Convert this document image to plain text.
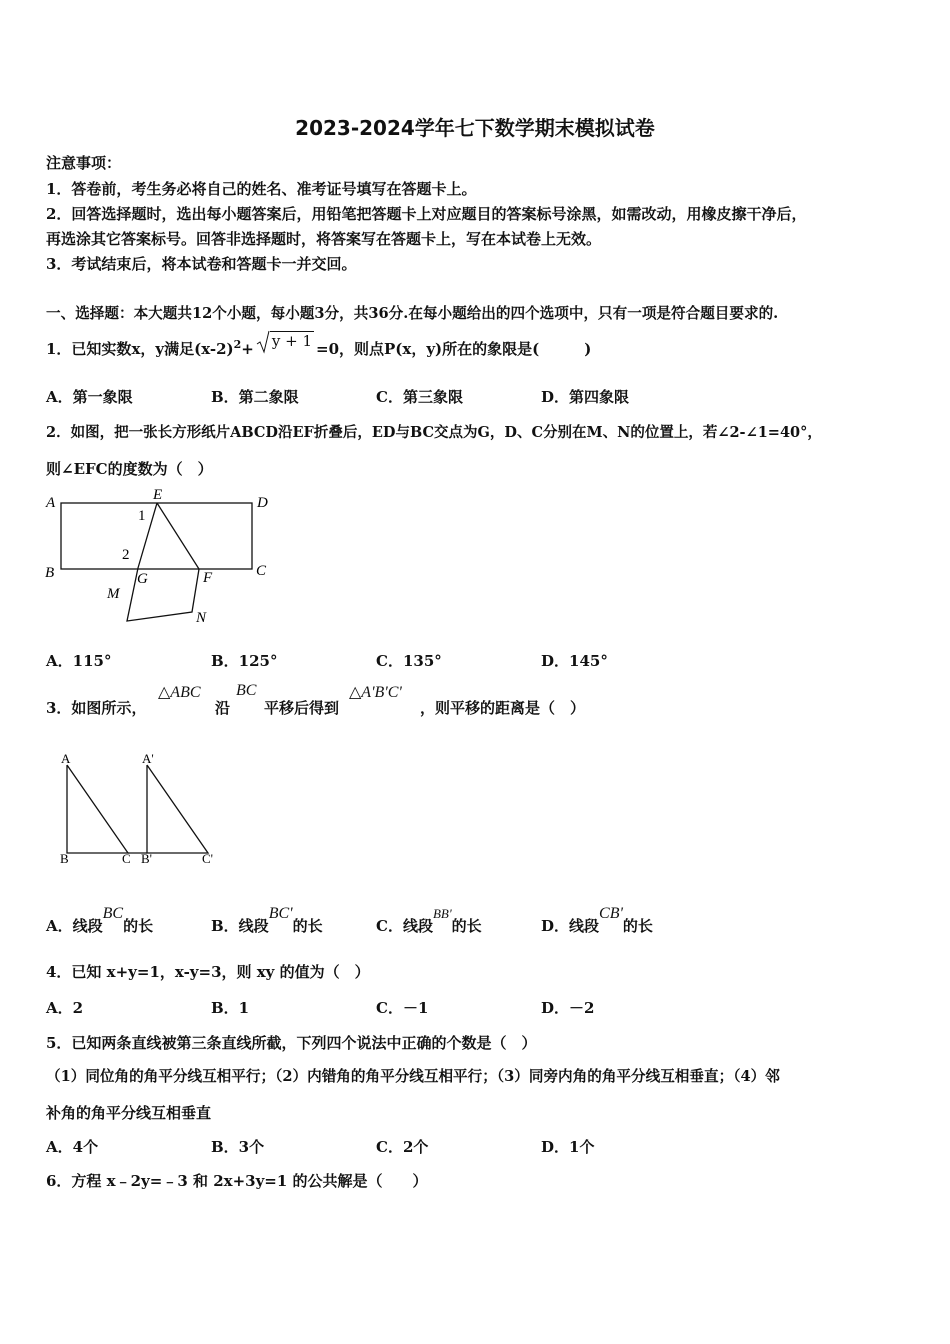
2023-2024学年七下数学期末模拟试卷
注意事项：
1．答卷前，考生务必将自己的姓名、准考证号填写在答题卡上。
2．回答选择题时，选出每小题答案后，用铅笔把答题卡上对应题目的答案标号涂黑，如需改动，用橡皮擦干净后，
再选涂其它答案标号。回答非选择题时，将答案写在答题卡上，写在本试卷上无效。
3．考试结束后，将本试卷和答题卡一并交回。
一、选择题：本大题共12个小题，每小题3分，共36分.在每小题给出的四个选项中，只有一项是符合题目要求的.
1．已知实数x，y满足$(x-2)^2+ y + 1 =0$，则点P(x，y)所在的象限是(　　　)
A．第一象限	B．第二象限	C．第三象限	D．第四象限
2．如图，把一张长方形纸片ABCD沿EF折叠后，ED与BC交点为G，D、C分别在M、N的位置上，若∠2-∠1=40°，
则∠EFC的度数为（　）
A	E	D
1
2
B	G	F	C
M
N
A．115°	B．125°	C．135°	D．145°
3．如图所示，
△ABC
沿
BC
平移后得到
△A'B'C'
，则平移的距离是（　）
A
B	C
A'
B'	C'
A．线段BC的长	B．线段BC'的长	C．线段BB'的长	D．线段CB'的长
4．已知 x+y=1，x-y=3，则 xy 的值为（　）
A．2	B．1	C．－1	D．－2
5．已知两条直线被第三条直线所截，下列四个说法中正确的个数是（　）
（1）同位角的角平分线互相平行；（2）内错角的角平分线互相平行；（3）同旁内角的角平分线互相垂直；（4）邻
补角的角平分线互相垂直
A．4个	B．3个	C．2个	D．1个
6．方程 x﹣2y=﹣3 和 2x+3y=1 的公共解是（　　）
